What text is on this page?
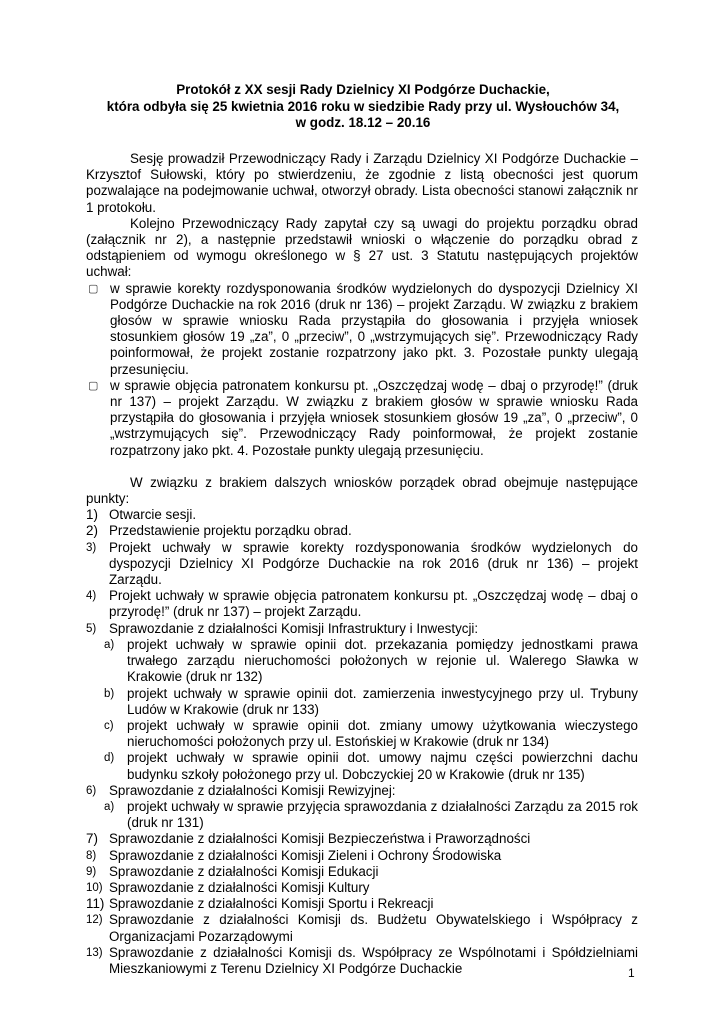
Protokół z XX sesji Rady Dzielnicy XI Podgórze Duchackie,
która odbyła się 25 kwietnia 2016 roku w siedzibie Rady przy ul. Wysłouchów 34,
w godz. 18.12 – 20.16

Sesję prowadził Przewodniczący Rady i Zarządu Dzielnicy XI Podgórze Duchackie – Krzysztof Sułowski, który po stwierdzeniu, że zgodnie z listą obecności jest quorum pozwalające na podejmowanie uchwał, otworzył obrady. Lista obecności stanowi załącznik nr 1 protokołu.

Kolejno Przewodniczący Rady zapytał czy są uwagi do projektu porządku obrad (załącznik nr 2), a następnie przedstawił wnioski o włączenie do porządku obrad z odstąpieniem od wymogu określonego w § 27 ust. 3 Statutu następujących projektów uchwał:

▢ w sprawie korekty rozdysponowania środków wydzielonych do dyspozycji Dzielnicy XI Podgórze Duchackie na rok 2016 (druk nr 136) – projekt Zarządu. W związku z brakiem głosów w sprawie wniosku Rada przystąpiła do głosowania i przyjęła wniosek stosunkiem głosów 19 „za”, 0 „przeciw”, 0 „wstrzymujących się”. Przewodniczący Rady poinformował, że projekt zostanie rozpatrzony jako pkt. 3. Pozostałe punkty ulegają przesunięciu.
▢ w sprawie objęcia patronatem konkursu pt. „Oszczędzaj wodę – dbaj o przyrodę!” (druk nr 137) – projekt Zarządu. W związku z brakiem głosów w sprawie wniosku Rada przystąpiła do głosowania i przyjęła wniosek stosunkiem głosów 19 „za”, 0 „przeciw”, 0 „wstrzymujących się”. Przewodniczący Rady poinformował, że projekt zostanie rozpatrzony jako pkt. 4. Pozostałe punkty ulegają przesunięciu.

W związku z brakiem dalszych wniosków porządek obrad obejmuje następujące punkty:

1) Otwarcie sesji.
2) Przedstawienie projektu porządku obrad.
3) Projekt uchwały w sprawie korekty rozdysponowania środków wydzielonych do dyspozycji Dzielnicy XI Podgórze Duchackie na rok 2016 (druk nr 136) – projekt Zarządu.
4) Projekt uchwały w sprawie objęcia patronatem konkursu pt. „Oszczędzaj wodę – dbaj o przyrodę!” (druk nr 137) – projekt Zarządu.
5) Sprawozdanie z działalności Komisji Infrastruktury i Inwestycji:
a) projekt uchwały w sprawie opinii dot. przekazania pomiędzy jednostkami prawa trwałego zarządu nieruchomości położonych w rejonie ul. Walerego Sławka w Krakowie (druk nr 132)
b) projekt uchwały w sprawie opinii dot. zamierzenia inwestycyjnego przy ul. Trybuny Ludów w Krakowie (druk nr 133)
c) projekt uchwały w sprawie opinii dot. zmiany umowy użytkowania wieczystego nieruchomości położonych przy ul. Estońskiej w Krakowie (druk nr 134)
d) projekt uchwały w sprawie opinii dot. umowy najmu części powierzchni dachu budynku szkoły położonego przy ul. Dobczyckiej 20 w Krakowie (druk nr 135)
6) Sprawozdanie z działalności Komisji Rewizyjnej:
a) projekt uchwały w sprawie przyjęcia sprawozdania z działalności Zarządu za 2015 rok (druk nr 131)
7) Sprawozdanie z działalności Komisji Bezpieczeństwa i Praworządności
8) Sprawozdanie z działalności Komisji Zieleni i Ochrony Środowiska
9) Sprawozdanie z działalności Komisji Edukacji
10) Sprawozdanie z działalności Komisji Kultury
11) Sprawozdanie z działalności Komisji Sportu i Rekreacji
12) Sprawozdanie z działalności Komisji ds. Budżetu Obywatelskiego i Współpracy z Organizacjami Pozarządowymi
13) Sprawozdanie z działalności Komisji ds. Współpracy ze Wspólnotami i Spółdzielniami Mieszkaniowymi z Terenu Dzielnicy XI Podgórze Duchackie	1
